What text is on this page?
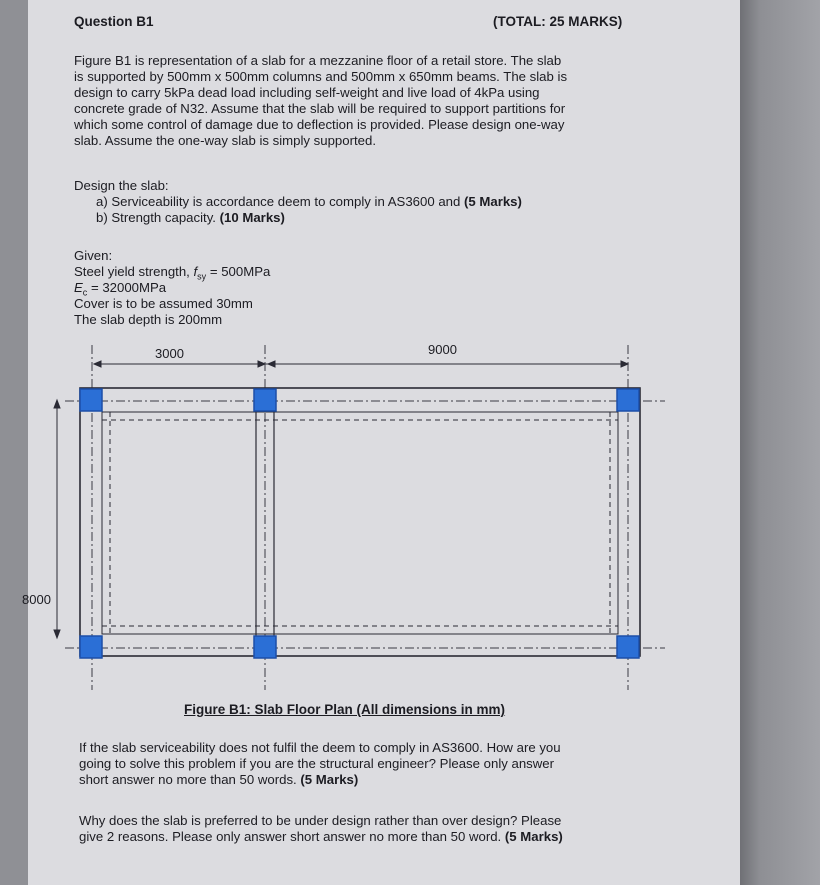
Question B1	(TOTAL: 25 MARKS)
Figure B1 is representation of a slab for a mezzanine floor of a retail store. The slab
is supported by 500mm x 500mm columns and 500mm x 650mm beams. The slab is
design to carry 5kPa dead load including self-weight and live load of 4kPa using
concrete grade of N32. Assume that the slab will be required to support partitions for
which some control of damage due to deflection is provided. Please design one-way
slab. Assume the one-way slab is simply supported.
Design the slab:
a) Serviceability is accordance deem to comply in AS3600 and (5 Marks)
b) Strength capacity. (10 Marks)
Given:
Steel yield strength, $f_{sy} = 500MPa$
$E_c = 32000MPa$
Cover is to be assumed 30mm
The slab depth is 200mm
3000	9000
8000
Figure B1: Slab Floor Plan (All dimensions in mm)
If the slab serviceability does not fulfil the deem to comply in AS3600. How are you
going to solve this problem if you are the structural engineer? Please only answer
short answer no more than 50 words. (5 Marks)
Why does the slab is preferred to be under design rather than over design? Please
give 2 reasons. Please only answer short answer no more than 50 word. (5 Marks)
